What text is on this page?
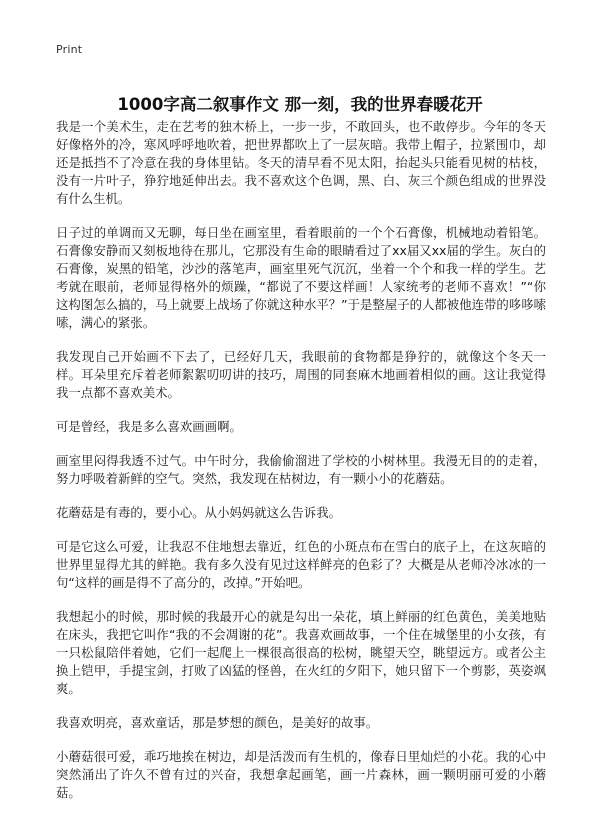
Print
1000字高二叙事作文 那一刻，我的世界春暖花开

我是一个美术生，走在艺考的独木桥上，一步一步，不敢回头，也不敢停步。今年的冬天好像格外的冷，寒风呼呼地吹着，把世界都吹上了一层灰暗。我带上帽子，拉紧围巾，却还是抵挡不了冷意在我的身体里钻。冬天的清早看不见太阳，抬起头只能看见树的枯枝，没有一片叶子，狰狞地延伸出去。我不喜欢这个色调，黑、白、灰三个颜色组成的世界没有什么生机。

日子过的单调而又无聊，每日坐在画室里，看着眼前的一个个石膏像，机械地动着铅笔。石膏像安静而又刻板地待在那儿，它那没有生命的眼睛看过了xx届又xx届的学生。灰白的石膏像，炭黑的铅笔，沙沙的落笔声，画室里死气沉沉，坐着一个个和我一样的学生。艺考就在眼前，老师显得格外的烦躁，“都说了不要这样画！人家统考的老师不喜欢！”“你这构图怎么搞的，马上就要上战场了你就这种水平？”于是整屋子的人都被他连带的哆哆嗦嗦，满心的紧张。

我发现自己开始画不下去了，已经好几天，我眼前的食物都是狰狞的，就像这个冬天一样。耳朵里充斥着老师絮絮叨叨讲的技巧，周围的同套麻木地画着相似的画。这让我觉得我一点都不喜欢美术。

可是曾经，我是多么喜欢画画啊。

画室里闷得我透不过气。中午时分，我偷偷溜进了学校的小树林里。我漫无目的的走着，努力呼吸着新鲜的空气。突然，我发现在枯树边，有一颗小小的花蘑菇。

花蘑菇是有毒的，要小心。从小妈妈就这么告诉我。

可是它这么可爱，让我忍不住地想去靠近，红色的小斑点布在雪白的底子上，在这灰暗的世界里显得尤其的鲜艳。我有多久没有见过这样鲜亮的色彩了？大概是从老师冷冰冰的一句“这样的画是得不了高分的，改掉。”开始吧。

我想起小的时候，那时候的我最开心的就是勾出一朵花，填上鲜丽的红色黄色，美美地贴在床头，我把它叫作“我的不会凋谢的花”。我喜欢画故事，一个住在城堡里的小女孩，有一只松鼠陪伴着她，它们一起爬上一棵很高很高的松树，眺望天空，眺望远方。或者公主换上铠甲，手提宝剑，打败了凶猛的怪兽，在火红的夕阳下，她只留下一个剪影，英姿飒爽。

我喜欢明亮，喜欢童话，那是梦想的颜色，是美好的故事。

小蘑菇很可爱，乖巧地挨在树边，却是活泼而有生机的，像春日里灿烂的小花。我的心中突然涌出了许久不曾有过的兴奋，我想拿起画笔，画一片森林，画一颗明丽可爱的小蘑菇。
